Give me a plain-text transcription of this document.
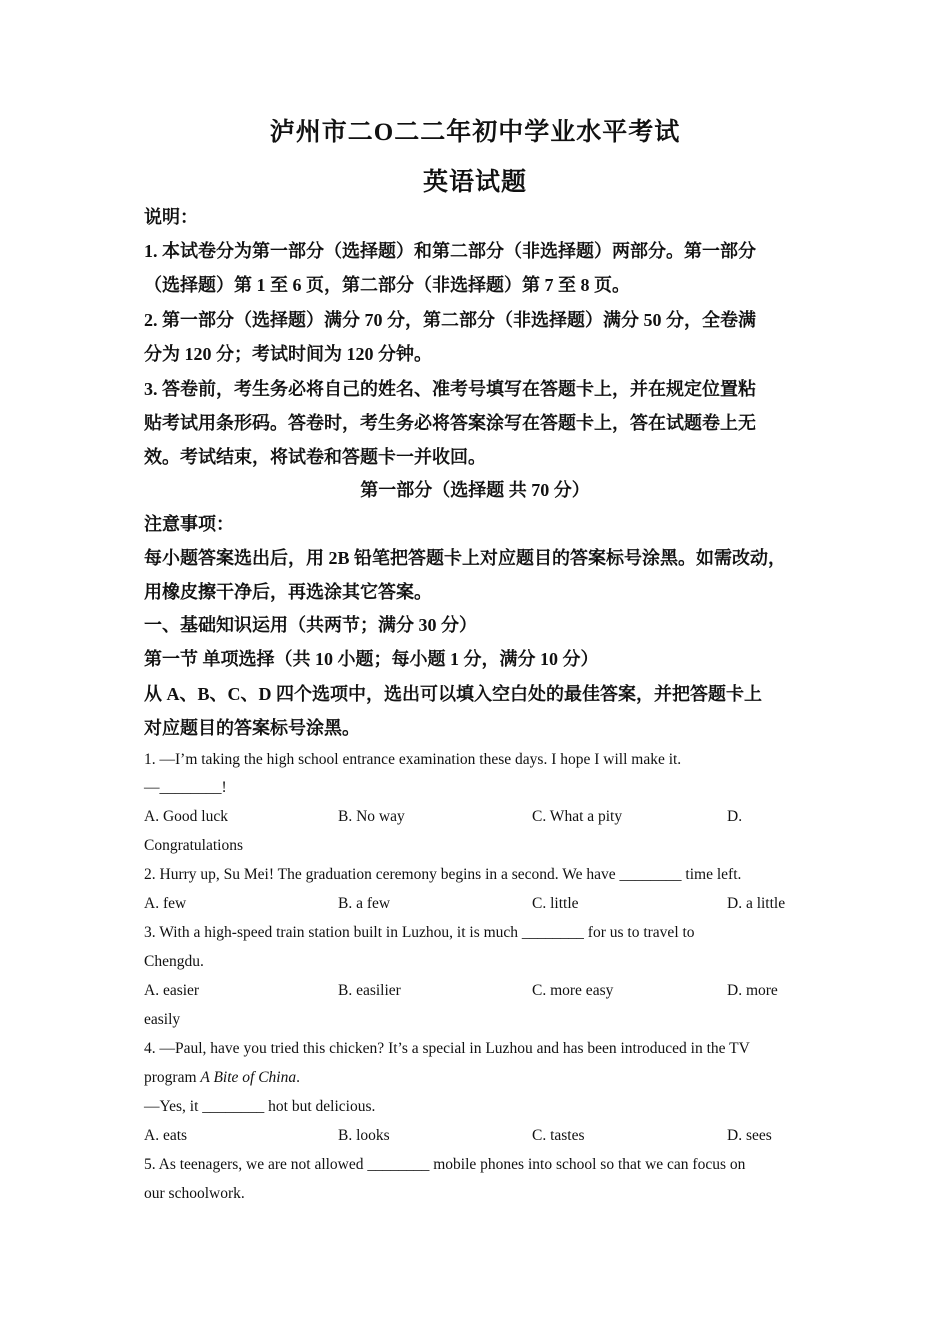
泸州市二O二二年初中学业水平考试
英语试题
说明：
1. 本试卷分为第一部分（选择题）和第二部分（非选择题）两部分。第一部分
（选择题）第 1 至 6 页，第二部分（非选择题）第 7 至 8 页。
2. 第一部分（选择题）满分 70 分，第二部分（非选择题）满分 50 分，全卷满
分为 120 分；考试时间为 120 分钟。
3. 答卷前，考生务必将自己的姓名、准考号填写在答题卡上，并在规定位置粘
贴考试用条形码。答卷时，考生务必将答案涂写在答题卡上，答在试题卷上无
效。考试结束，将试卷和答题卡一并收回。
第一部分（选择题 共 70 分）
注意事项：
每小题答案选出后，用 2B 铅笔把答题卡上对应题目的答案标号涂黑。如需改动，
用橡皮擦干净后，再选涂其它答案。
一、基础知识运用（共两节；满分 30 分）
第一节 单项选择（共 10 小题；每小题 1 分，满分 10 分）
从 A、B、C、D 四个选项中，选出可以填入空白处的最佳答案，并把答题卡上
对应题目的答案标号涂黑。
1. —I’m taking the high school entrance examination these days. I hope I will make it.
—________!
A. Good luck	B. No way	C. What a pity	D.
Congratulations
2. Hurry up, Su Mei! The graduation ceremony begins in a second. We have ________ time left.
A. few	B. a few	C. little	D. a little
3. With a high-speed train station built in Luzhou, it is much ________ for us to travel to
Chengdu.
A. easier	B. easilier	C. more easy	D. more
easily
4. —Paul, have you tried this chicken? It’s a special in Luzhou and has been introduced in the TV
program A Bite of China.
—Yes, it ________ hot but delicious.
A. eats	B. looks	C. tastes	D. sees
5. As teenagers, we are not allowed ________ mobile phones into school so that we can focus on
our schoolwork.
